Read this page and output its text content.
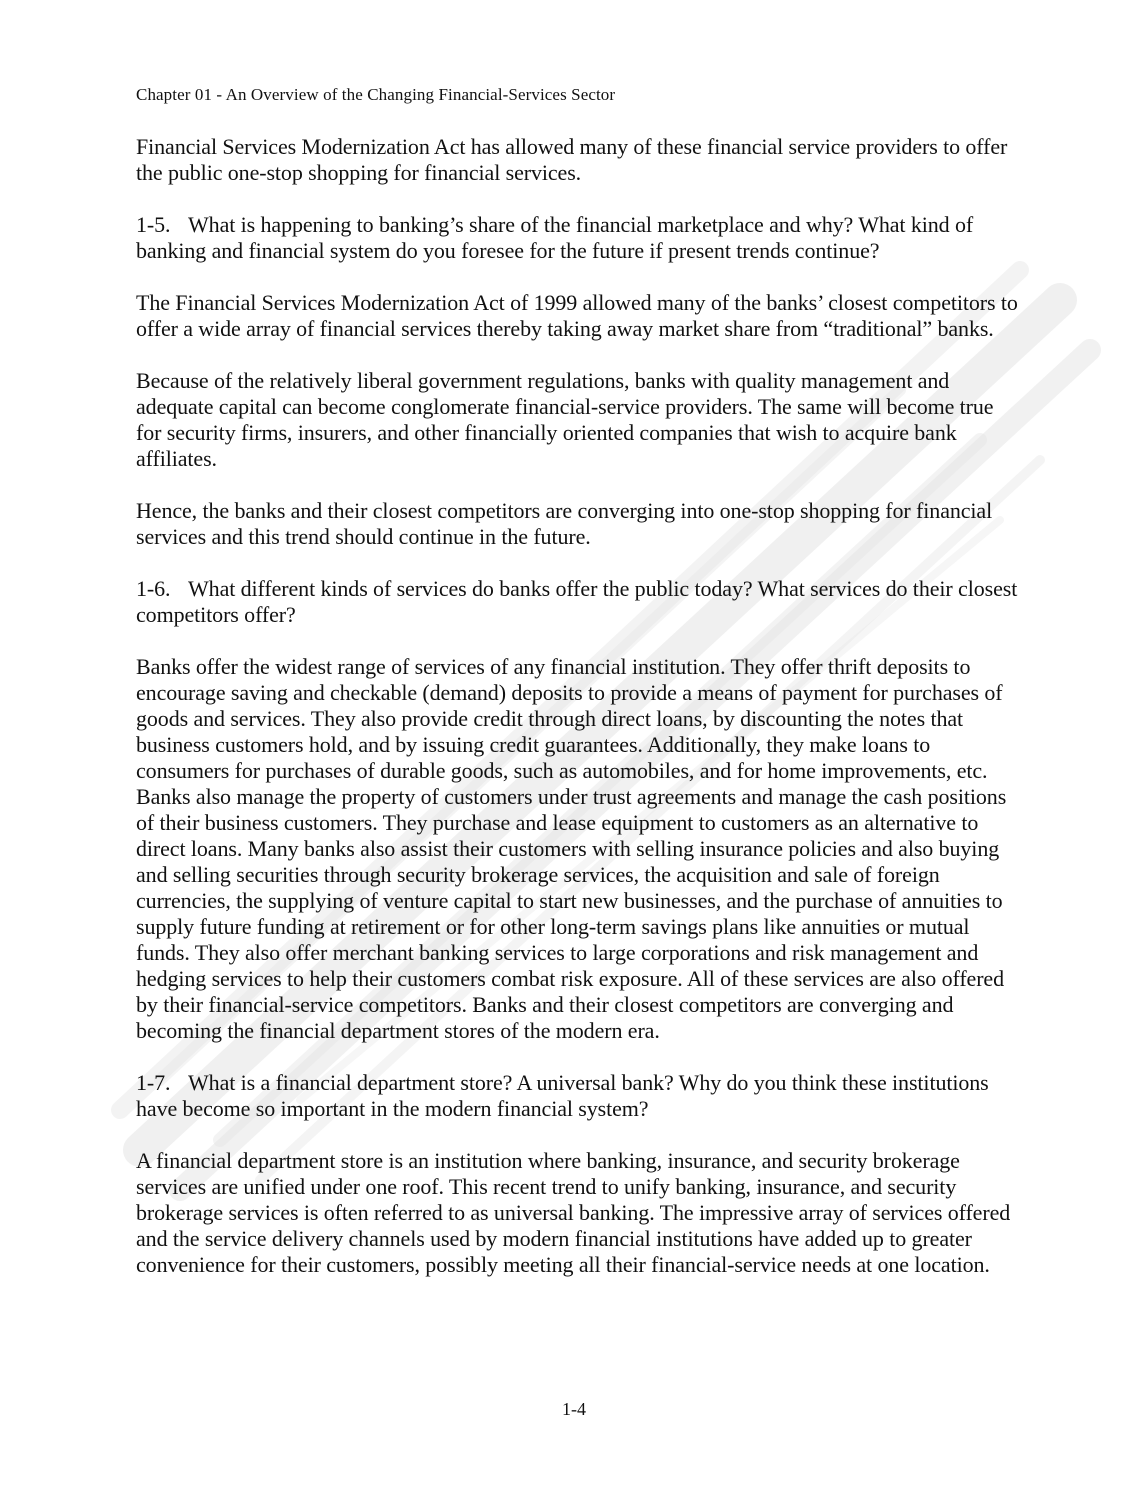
Chapter 01 - An Overview of the Changing Financial-Services Sector

Financial Services Modernization Act has allowed many of these financial service providers to offer the public one-stop shopping for financial services.

1-5. What is happening to banking’s share of the financial marketplace and why? What kind of banking and financial system do you foresee for the future if present trends continue?

The Financial Services Modernization Act of 1999 allowed many of the banks’ closest competitors to offer a wide array of financial services thereby taking away market share from “traditional” banks.

Because of the relatively liberal government regulations, banks with quality management and adequate capital can become conglomerate financial-service providers. The same will become true for security firms, insurers, and other financially oriented companies that wish to acquire bank affiliates.

Hence, the banks and their closest competitors are converging into one-stop shopping for financial services and this trend should continue in the future.

1-6. What different kinds of services do banks offer the public today? What services do their closest competitors offer?

Banks offer the widest range of services of any financial institution. They offer thrift deposits to encourage saving and checkable (demand) deposits to provide a means of payment for purchases of goods and services. They also provide credit through direct loans, by discounting the notes that business customers hold, and by issuing credit guarantees. Additionally, they make loans to consumers for purchases of durable goods, such as automobiles, and for home improvements, etc. Banks also manage the property of customers under trust agreements and manage the cash positions of their business customers. They purchase and lease equipment to customers as an alternative to direct loans. Many banks also assist their customers with selling insurance policies and also buying and selling securities through security brokerage services, the acquisition and sale of foreign currencies, the supplying of venture capital to start new businesses, and the purchase of annuities to supply future funding at retirement or for other long-term savings plans like annuities or mutual funds. They also offer merchant banking services to large corporations and risk management and hedging services to help their customers combat risk exposure. All of these services are also offered by their financial-service competitors. Banks and their closest competitors are converging and becoming the financial department stores of the modern era.

1-7. What is a financial department store? A universal bank? Why do you think these institutions have become so important in the modern financial system?

A financial department store is an institution where banking, insurance, and security brokerage services are unified under one roof. This recent trend to unify banking, insurance, and security brokerage services is often referred to as universal banking. The impressive array of services offered and the service delivery channels used by modern financial institutions have added up to greater convenience for their customers, possibly meeting all their financial-service needs at one location.

1-4
